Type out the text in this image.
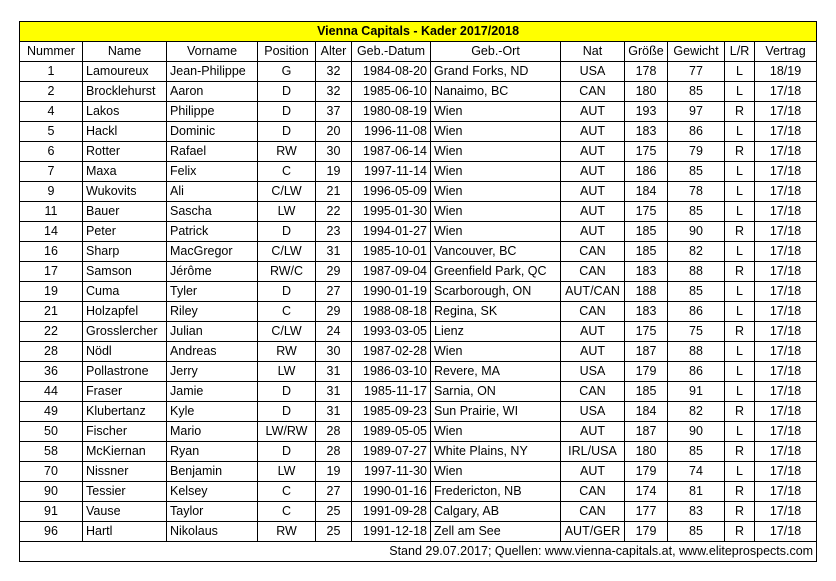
Vienna Capitals - Kader 2017/2018											
Nummer	Name	Vorname	Position	Alter	Geb.-Datum	Geb.-Ort	Nat	Größe	Gewicht	L/R	Vertrag
1	Lamoureux	Jean-Philippe	G	32	1984-08-20	Grand Forks, ND	USA	178	77	L	18/19
2	Brocklehurst	Aaron	D	32	1985-06-10	Nanaimo, BC	CAN	180	85	L	17/18
4	Lakos	Philippe	D	37	1980-08-19	Wien	AUT	193	97	R	17/18
5	Hackl	Dominic	D	20	1996-11-08	Wien	AUT	183	86	L	17/18
6	Rotter	Rafael	RW	30	1987-06-14	Wien	AUT	175	79	R	17/18
7	Maxa	Felix	C	19	1997-11-14	Wien	AUT	186	85	L	17/18
9	Wukovits	Ali	C/LW	21	1996-05-09	Wien	AUT	184	78	L	17/18
11	Bauer	Sascha	LW	22	1995-01-30	Wien	AUT	175	85	L	17/18
14	Peter	Patrick	D	23	1994-01-27	Wien	AUT	185	90	R	17/18
16	Sharp	MacGregor	C/LW	31	1985-10-01	Vancouver, BC	CAN	185	82	L	17/18
17	Samson	Jérôme	RW/C	29	1987-09-04	Greenfield Park, QC	CAN	183	88	R	17/18
19	Cuma	Tyler	D	27	1990-01-19	Scarborough, ON	AUT/CAN	188	85	L	17/18
21	Holzapfel	Riley	C	29	1988-08-18	Regina, SK	CAN	183	86	L	17/18
22	Grosslercher	Julian	C/LW	24	1993-03-05	Lienz	AUT	175	75	R	17/18
28	Nödl	Andreas	RW	30	1987-02-28	Wien	AUT	187	88	L	17/18
36	Pollastrone	Jerry	LW	31	1986-03-10	Revere, MA	USA	179	86	L	17/18
44	Fraser	Jamie	D	31	1985-11-17	Sarnia, ON	CAN	185	91	L	17/18
49	Klubertanz	Kyle	D	31	1985-09-23	Sun Prairie, WI	USA	184	82	R	17/18
50	Fischer	Mario	LW/RW	28	1989-05-05	Wien	AUT	187	90	L	17/18
58	McKiernan	Ryan	D	28	1989-07-27	White Plains, NY	IRL/USA	180	85	R	17/18
70	Nissner	Benjamin	LW	19	1997-11-30	Wien	AUT	179	74	L	17/18
90	Tessier	Kelsey	C	27	1990-01-16	Fredericton, NB	CAN	174	81	R	17/18
91	Vause	Taylor	C	25	1991-09-28	Calgary, AB	CAN	177	83	R	17/18
96	Hartl	Nikolaus	RW	25	1991-12-18	Zell am See	AUT/GER	179	85	R	17/18
Stand 29.07.2017; Quellen: www.vienna-capitals.at, www.eliteprospects.com											
